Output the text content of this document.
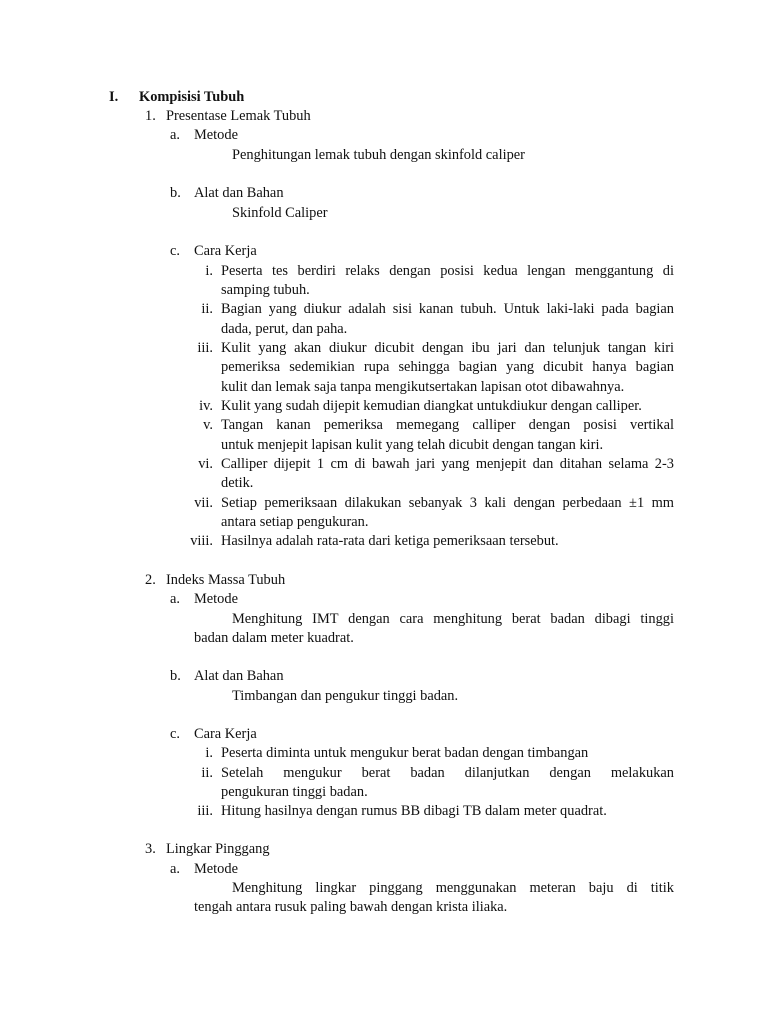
I. Kompisisi Tubuh
1. Presentase Lemak Tubuh
a. Metode
Penghitungan lemak tubuh dengan skinfold caliper
b. Alat dan Bahan
Skinfold Caliper
c. Cara Kerja
i. Peserta tes berdiri relaks dengan posisi kedua lengan menggantung di
samping tubuh.
ii. Bagian yang diukur adalah sisi kanan tubuh. Untuk laki-laki pada bagian
dada, perut, dan paha.
iii. Kulit yang akan diukur dicubit dengan ibu jari dan telunjuk tangan kiri
pemeriksa sedemikian rupa sehingga bagian yang dicubit hanya bagian
kulit dan lemak saja tanpa mengikutsertakan lapisan otot dibawahnya.
iv. Kulit yang sudah dijepit kemudian diangkat untukdiukur dengan calliper.
v. Tangan kanan pemeriksa memegang calliper dengan posisi vertikal
untuk menjepit lapisan kulit yang telah dicubit dengan tangan kiri.
vi. Calliper dijepit 1 cm di bawah jari yang menjepit dan ditahan selama 2-3
detik.
vii. Setiap pemeriksaan dilakukan sebanyak 3 kali dengan perbedaan ±1 mm
antara setiap pengukuran.
viii. Hasilnya adalah rata-rata dari ketiga pemeriksaan tersebut.
2. Indeks Massa Tubuh
a. Metode
Menghitung IMT dengan cara menghitung berat badan dibagi tinggi
badan dalam meter kuadrat.
b. Alat dan Bahan
Timbangan dan pengukur tinggi badan.
c. Cara Kerja
i. Peserta diminta untuk mengukur berat badan dengan timbangan
ii. Setelah mengukur berat badan dilanjutkan dengan melakukan
pengukuran tinggi badan.
iii. Hitung hasilnya dengan rumus BB dibagi TB dalam meter quadrat.
3. Lingkar Pinggang
a. Metode
Menghitung lingkar pinggang menggunakan meteran baju di titik
tengah antara rusuk paling bawah dengan krista iliaka.
